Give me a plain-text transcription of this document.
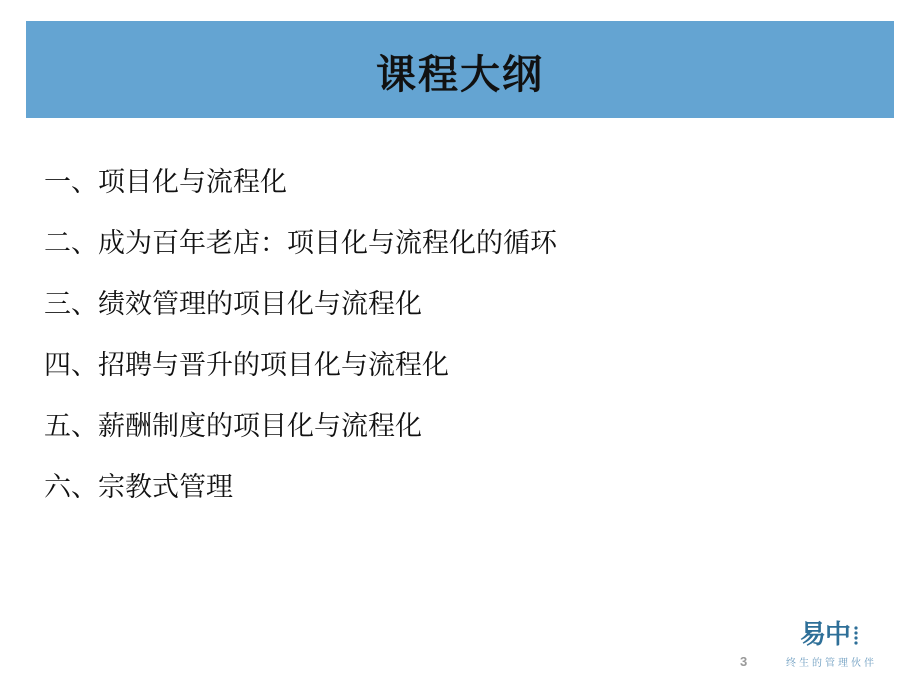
课程大纲
一、项目化与流程化
二、成为百年老店：项目化与流程化的循环
三、绩效管理的项目化与流程化
四、招聘与晋升的项目化与流程化
五、薪酬制度的项目化与流程化
六、宗教式管理
3
易中
终生的管理伙伴
